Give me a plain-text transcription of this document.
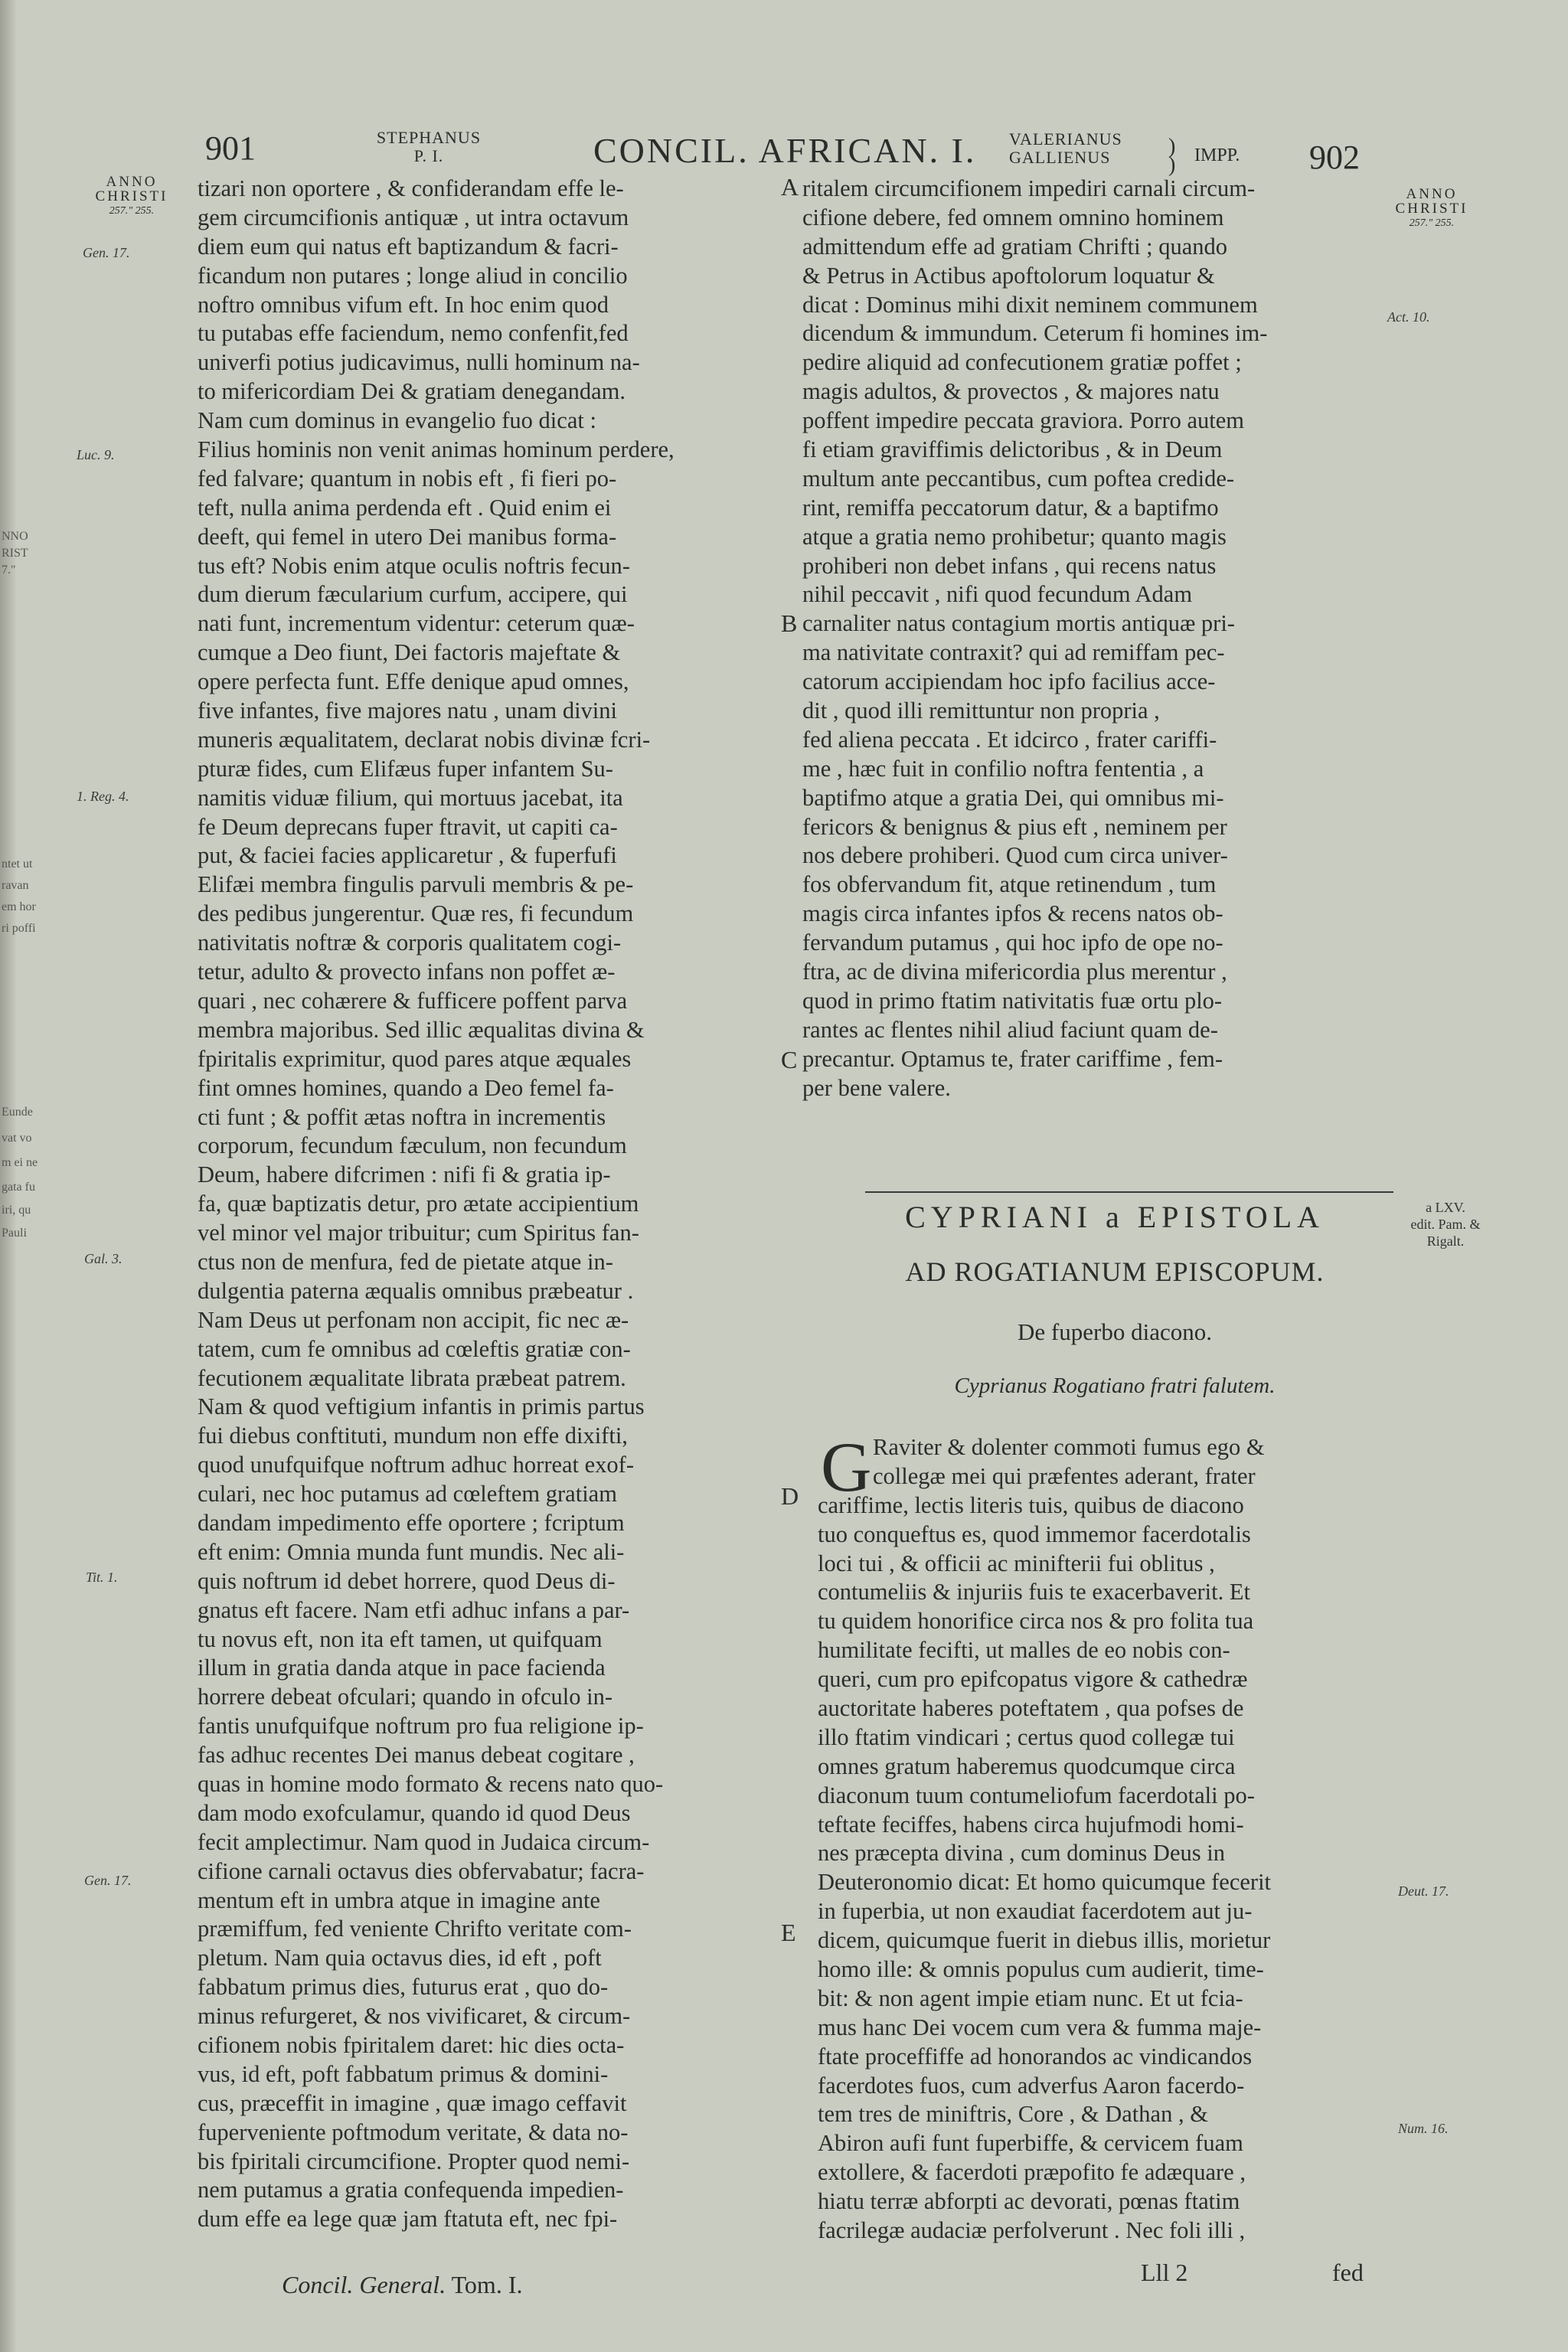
NNO
RIST
7."
ntet ut
ravan
em hor
ri poffi
Eunde
vat vo
m ei ne
gata fu
iri, qu
Pauli
901	STEPHANUS
P. I.	CONCIL. AFRICAN. I. VALERIANUS
GALLIENUS	)
) IMPP. 902
ANNO
CHRISTI
257." 255.
ANNO
CHRISTI
257." 255.
Gen. 17.
Luc. 9.
1. Reg. 4.
Gal. 3.
Tit. 1.
Gen. 17.
Act. 10.
Deut. 17.
Num. 16.
a LXV.
edit. Pam. &
Rigalt.
A
B
C
D
E
tizari non oportere , & confiderandam effe le-
gem circumcifionis antiquæ , ut intra octavum
diem eum qui natus eft baptizandum & facri-
ficandum non putares ; longe aliud in concilio
noftro omnibus vifum eft. In hoc enim quod
tu putabas effe faciendum, nemo confenfit,fed
univerfi potius judicavimus, nulli hominum na-
to mifericordiam Dei & gratiam denegandam.
Nam cum dominus in evangelio fuo dicat :
Filius hominis non venit animas hominum perdere,
fed falvare; quantum in nobis eft , fi fieri po-
teft, nulla anima perdenda eft . Quid enim ei
deeft, qui femel in utero Dei manibus forma-
tus eft? Nobis enim atque oculis noftris fecun-
dum dierum fæcularium curfum, accipere, qui
nati funt, incrementum videntur: ceterum quæ-
cumque a Deo fiunt, Dei factoris majeftate &
opere perfecta funt. Effe denique apud omnes,
five infantes, five majores natu , unam divini
muneris æqualitatem, declarat nobis divinæ fcri-
pturæ fides, cum Elifæus fuper infantem Su-
namitis viduæ filium, qui mortuus jacebat, ita
fe Deum deprecans fuper ftravit, ut capiti ca-
put, & faciei facies applicaretur , & fuperfufi
Elifæi membra fingulis parvuli membris & pe-
des pedibus jungerentur. Quæ res, fi fecundum
nativitatis noftræ & corporis qualitatem cogi-
tetur, adulto & provecto infans non poffet æ-
quari , nec cohærere & fufficere poffent parva
membra majoribus. Sed illic æqualitas divina &
fpiritalis exprimitur, quod pares atque æquales
fint omnes homines, quando a Deo femel fa-
cti funt ; & poffit ætas noftra in incrementis
corporum, fecundum fæculum, non fecundum
Deum, habere difcrimen : nifi fi & gratia ip-
fa, quæ baptizatis detur, pro ætate accipientium
vel minor vel major tribuitur; cum Spiritus fan-
ctus non de menfura, fed de pietate atque in-
dulgentia paterna æqualis omnibus præbeatur .
Nam Deus ut perfonam non accipit, fic nec æ-
tatem, cum fe omnibus ad cœleftis gratiæ con-
fecutionem æqualitate librata præbeat patrem.
Nam & quod veftigium infantis in primis partus
fui diebus conftituti, mundum non effe dixifti,
quod unufquifque noftrum adhuc horreat exof-
culari, nec hoc putamus ad cœleftem gratiam
dandam impedimento effe oportere ; fcriptum
eft enim: Omnia munda funt mundis. Nec ali-
quis noftrum id debet horrere, quod Deus di-
gnatus eft facere. Nam etfi adhuc infans a par-
tu novus eft, non ita eft tamen, ut quifquam
illum in gratia danda atque in pace facienda
horrere debeat ofculari; quando in ofculo in-
fantis unufquifque noftrum pro fua religione ip-
fas adhuc recentes Dei manus debeat cogitare ,
quas in homine modo formato & recens nato quo-
dam modo exofculamur, quando id quod Deus
fecit amplectimur. Nam quod in Judaica circum-
cifione carnali octavus dies obfervabatur; facra-
mentum eft in umbra atque in imagine ante
præmiffum, fed veniente Chrifto veritate com-
pletum. Nam quia octavus dies, id eft , poft
fabbatum primus dies, futurus erat , quo do-
minus refurgeret, & nos vivificaret, & circum-
cifionem nobis fpiritalem daret: hic dies octa-
vus, id eft, poft fabbatum primus & domini-
cus, præceffit in imagine , quæ imago ceffavit
fuperveniente poftmodum veritate, & data no-
bis fpiritali circumcifione. Propter quod nemi-
nem putamus a gratia confequenda impedien-
dum effe ea lege quæ jam ftatuta eft, nec fpi-
ritalem circumcifionem impediri carnali circum-
cifione debere, fed omnem omnino hominem
admittendum effe ad gratiam Chrifti ; quando
& Petrus in Actibus apoftolorum loquatur &
dicat : Dominus mihi dixit neminem communem
dicendum & immundum. Ceterum fi homines im-
pedire aliquid ad confecutionem gratiæ poffet ;
magis adultos, & provectos , & majores natu
poffent impedire peccata graviora. Porro autem
fi etiam graviffimis delictoribus , & in Deum
multum ante peccantibus, cum poftea credide-
rint, remiffa peccatorum datur, & a baptifmo
atque a gratia nemo prohibetur; quanto magis
prohiberi non debet infans , qui recens natus
nihil peccavit , nifi quod fecundum Adam
carnaliter natus contagium mortis antiquæ pri-
ma nativitate contraxit? qui ad remiffam pec-
catorum accipiendam hoc ipfo facilius acce-
dit , quod illi remittuntur non propria ,
fed aliena peccata . Et idcirco , frater cariffi-
me , hæc fuit in confilio noftra fententia , a
baptifmo atque a gratia Dei, qui omnibus mi-
fericors & benignus & pius eft , neminem per
nos debere prohiberi. Quod cum circa univer-
fos obfervandum fit, atque retinendum , tum
magis circa infantes ipfos & recens natos ob-
fervandum putamus , qui hoc ipfo de ope no-
ftra, ac de divina mifericordia plus merentur ,
quod in primo ftatim nativitatis fuæ ortu plo-
rantes ac flentes nihil aliud faciunt quam de-
precantur. Optamus te, frater cariffime , fem-
per bene valere.
CYPRIANI a EPISTOLA
AD ROGATIANUM EPISCOPUM.
De fuperbo diacono.
Cyprianus Rogatiano fratri falutem.
G Raviter & dolenter commoti fumus ego &
collegæ mei qui præfentes aderant, frater
cariffime, lectis literis tuis, quibus de diacono
tuo conqueftus es, quod immemor facerdotalis
loci tui , & officii ac minifterii fui oblitus ,
contumeliis & injuriis fuis te exacerbaverit. Et
tu quidem honorifice circa nos & pro folita tua
humilitate fecifti, ut malles de eo nobis con-
queri, cum pro epifcopatus vigore & cathedræ
auctoritate haberes poteftatem , qua pofses de
illo ftatim vindicari ; certus quod collegæ tui
omnes gratum haberemus quodcumque circa
diaconum tuum contumeliofum facerdotali po-
teftate feciffes, habens circa hujufmodi homi-
nes præcepta divina , cum dominus Deus in
Deuteronomio dicat: Et homo quicumque fecerit
in fuperbia, ut non exaudiat facerdotem aut ju-
dicem, quicumque fuerit in diebus illis, morietur
homo ille: & omnis populus cum audierit, time-
bit: & non agent impie etiam nunc. Et ut fcia-
mus hanc Dei vocem cum vera & fumma maje-
ftate proceffiffe ad honorandos ac vindicandos
facerdotes fuos, cum adverfus Aaron facerdo-
tem tres de miniftris, Core , & Dathan , &
Abiron aufi funt fuperbiffe, & cervicem fuam
extollere, & facerdoti præpofito fe adæquare ,
hiatu terræ abforpti ac devorati, pœnas ftatim
facrilegæ audaciæ perfolverunt . Nec foli illi ,
Concil. General. Tom. I.	Lll 2	fed
